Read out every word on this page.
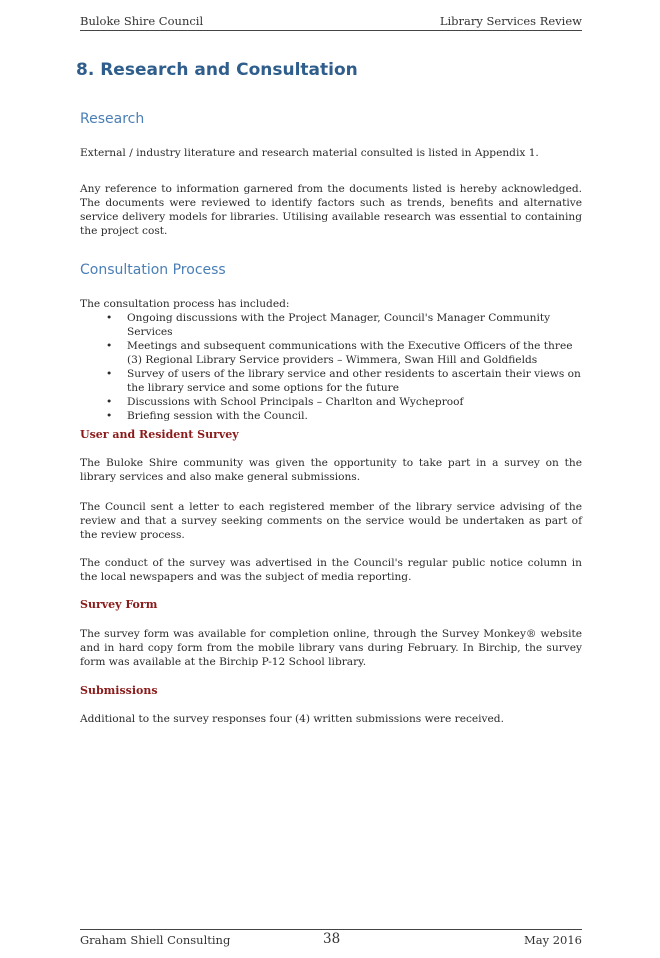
Buloke Shire Council	Library Services Review
8. Research and Consultation
Research

External / industry literature and research material consulted is listed in Appendix 1.

Any reference to information garnered from the documents listed is hereby acknowledged. The documents were reviewed to identify factors such as trends, benefits and alternative service delivery models for libraries. Utilising available research was essential to containing the project cost.

Consultation Process

The consultation process has included:

• Ongoing discussions with the Project Manager, Council's Manager Community Services
• Meetings and subsequent communications with the Executive Officers of the three (3) Regional Library Service providers – Wimmera, Swan Hill and Goldfields
• Survey of users of the library service and other residents to ascertain their views on the library service and some options for the future
• Discussions with School Principals – Charlton and Wycheproof
• Briefing session with the Council.
User and Resident Survey

The Buloke Shire community was given the opportunity to take part in a survey on the library services and also make general submissions.

The Council sent a letter to each registered member of the library service advising of the review and that a survey seeking comments on the service would be undertaken as part of the review process.

The conduct of the survey was advertised in the Council's regular public notice column in the local newspapers and was the subject of media reporting.

Survey Form

The survey form was available for completion online, through the Survey Monkey® website and in hard copy form from the mobile library vans during February. In Birchip, the survey form was available at the Birchip P-12 School library.

Submissions

Additional to the survey responses four (4) written submissions were received.

Graham Shiell Consulting	38	May 2016
